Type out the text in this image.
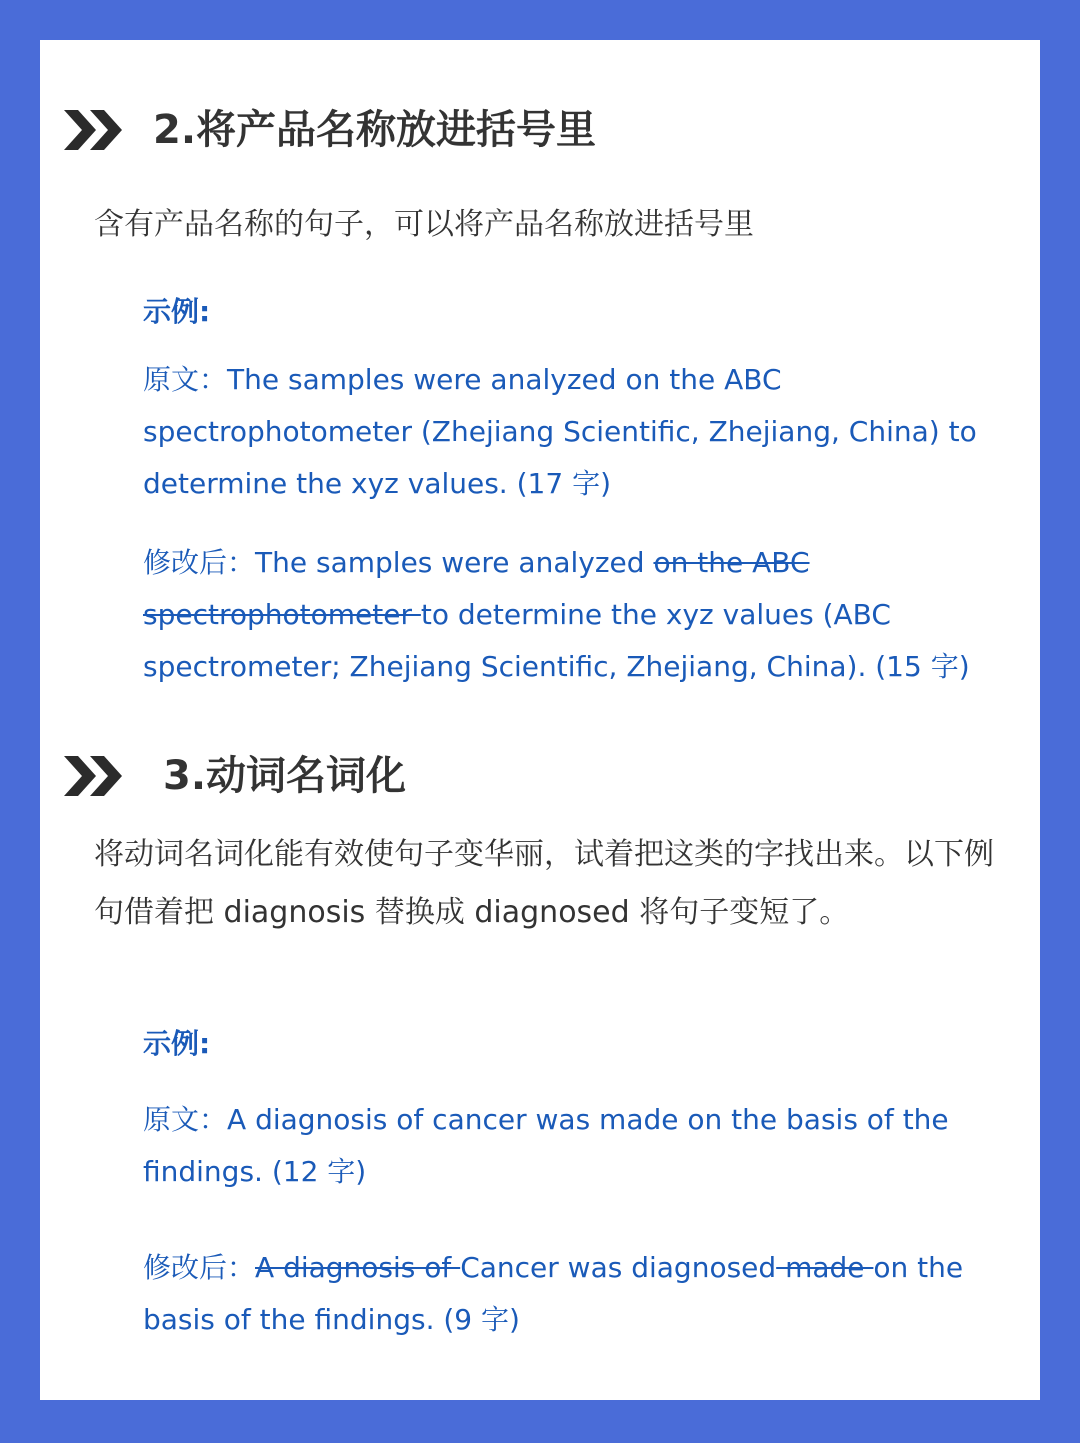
2.将产品名称放进括号里
含有产品名称的句子，可以将产品名称放进括号里
示例:
原文：The samples were analyzed on the ABC spectrophotometer (Zhejiang Scientific, Zhejiang, China) to determine the xyz values. (17 字)
修改后：The samples were analyzed on the ABC spectrophotometer to determine the xyz values (ABC spectrometer; Zhejiang Scientific, Zhejiang, China). (15 字)
3.动词名词化
将动词名词化能有效使句子变华丽，试着把这类的字找出来。以下例句借着把 diagnosis 替换成 diagnosed 将句子变短了。
示例:
原文：A diagnosis of cancer was made on the basis of the findings. (12 字)
修改后：A diagnosis of Cancer was diagnosed made on the basis of the findings. (9 字)
